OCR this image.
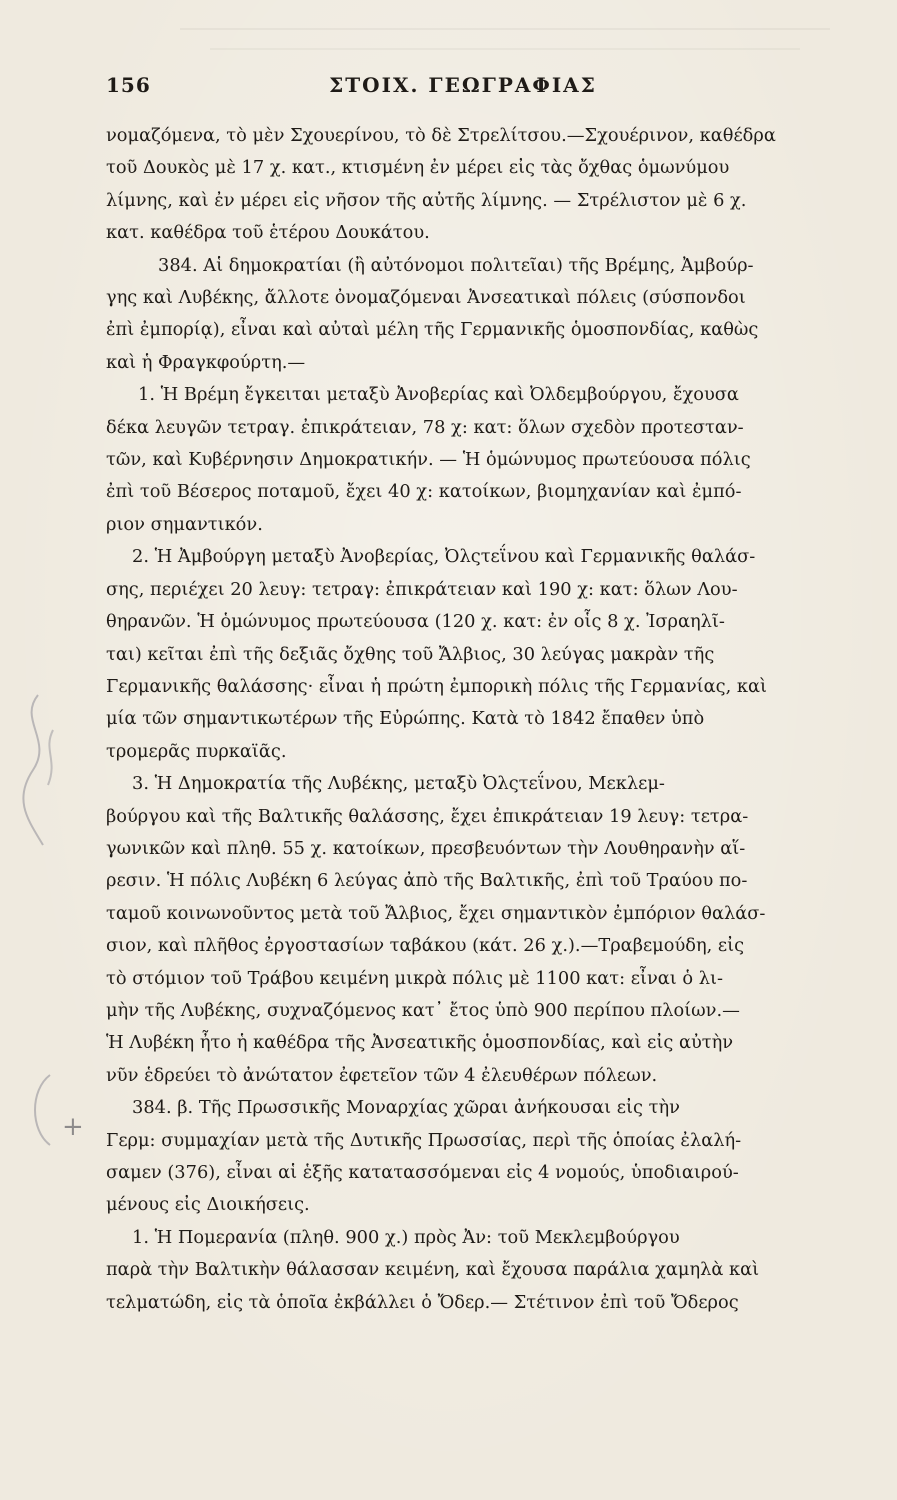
+
156	ΣΤΟΙΧ. ΓΕΩΓΡΑΦΙΑΣ
νομαζόμενα, τὸ μὲν Σχουερίνου, τὸ δὲ Στρελίτσου.—Σχουέρινον, καθέδρα
τοῦ Δουκὸς μὲ 17 χ. κατ., κτισμένη ἐν μέρει εἰς τὰς ὄχθας ὁμωνύμου
λίμνης, καὶ ἐν μέρει εἰς νῆσον τῆς αὐτῆς λίμνης. — Στρέλιστον μὲ 6 χ.
κατ. καθέδρα τοῦ ἑτέρου Δουκάτου.
384. Αἱ δημοκρατίαι (ἢ αὐτόνομοι πολιτεῖαι) τῆς Βρέμης, Ἀμβούρ-
γης καὶ Λυβέκης, ἄλλοτε ὀνομαζόμεναι Ἀνσεατικαὶ πόλεις (σύσπονδοι
ἐπὶ ἐμπορίᾳ), εἶναι καὶ αὐταὶ μέλη τῆς Γερμανικῆς ὁμοσπονδίας, καθὼς
καὶ ἡ Φραγκφούρτη.—
1. Ἡ Βρέμη ἔγκειται μεταξὺ Ἀνοβερίας καὶ Ὀλδεμβούργου, ἔχουσα
δέκα λευγῶν τετραγ. ἐπικράτειαν, 78 χ: κατ: ὅλων σχεδὸν προτεσταν-
τῶν, καὶ Κυβέρνησιν Δημοκρατικήν. — Ἡ ὁμώνυμος πρωτεύουσα πόλις
ἐπὶ τοῦ Βέσερος ποταμοῦ, ἔχει 40 χ: κατοίκων, βιομηχανίαν καὶ ἐμπό-
ριον σημαντικόν.
2. Ἡ Ἀμβούργη μεταξὺ Ἀνοβερίας, Ὀλςτεΐνου καὶ Γερμανικῆς θαλάσ-
σης, περιέχει 20 λευγ: τετραγ: ἐπικράτειαν καὶ 190 χ: κατ: ὅλων Λου-
θηρανῶν. Ἡ ὁμώνυμος πρωτεύουσα (120 χ. κατ: ἐν οἷς 8 χ. Ἰσραηλῖ-
ται) κεῖται ἐπὶ τῆς δεξιᾶς ὄχθης τοῦ Ἄλβιος, 30 λεύγας μακρὰν τῆς
Γερμανικῆς θαλάσσης· εἶναι ἡ πρώτη ἐμπορικὴ πόλις τῆς Γερμανίας, καὶ
μία τῶν σημαντικωτέρων τῆς Εὐρώπης. Κατὰ τὸ 1842 ἔπαθεν ὑπὸ
τρομερᾶς πυρκαϊᾶς.
3. Ἡ Δημοκρατία τῆς Λυβέκης, μεταξὺ Ὀλςτεΐνου, Μεκλεμ-
βούργου καὶ τῆς Βαλτικῆς θαλάσσης, ἔχει ἐπικράτειαν 19 λευγ: τετρα-
γωνικῶν καὶ πληθ. 55 χ. κατοίκων, πρεσβευόντων τὴν Λουθηρανὴν αἵ-
ρεσιν. Ἡ πόλις Λυβέκη 6 λεύγας ἀπὸ τῆς Βαλτικῆς, ἐπὶ τοῦ Τραύου πο-
ταμοῦ κοινωνοῦντος μετὰ τοῦ Ἄλβιος, ἔχει σημαντικὸν ἐμπόριον θαλάσ-
σιον, καὶ πλῆθος ἐργοστασίων ταβάκου (κάτ. 26 χ.).—Τραβεμούδη, εἰς
τὸ στόμιον τοῦ Τράβου κειμένη μικρὰ πόλις μὲ 1100 κατ: εἶναι ὁ λι-
μὴν τῆς Λυβέκης, συχναζόμενος κατ᾽ ἔτος ὑπὸ 900 περίπου πλοίων.—
Ἡ Λυβέκη ἦτο ἡ καθέδρα τῆς Ἀνσεατικῆς ὁμοσπονδίας, καὶ εἰς αὐτὴν
νῦν ἑδρεύει τὸ ἀνώτατον ἐφετεῖον τῶν 4 ἐλευθέρων πόλεων.
384. β. Τῆς Πρωσσικῆς Μοναρχίας χῶραι ἀνήκουσαι εἰς τὴν
Γερμ: συμμαχίαν μετὰ τῆς Δυτικῆς Πρωσσίας, περὶ τῆς ὁποίας ἐλαλή-
σαμεν (376), εἶναι αἱ ἑξῆς κατατασσόμεναι εἰς 4 νομούς, ὑποδιαιρού-
μένους εἰς Διοικήσεις.
1. Ἡ Πομερανία (πληθ. 900 χ.) πρὸς Ἀν: τοῦ Μεκλεμβούργου
παρὰ τὴν Βαλτικὴν θάλασσαν κειμένη, καὶ ἔχουσα παράλια χαμηλὰ καὶ
τελματώδη, εἰς τὰ ὁποῖα ἐκβάλλει ὁ Ὄδερ.— Στέτινον ἐπὶ τοῦ Ὄδερος
